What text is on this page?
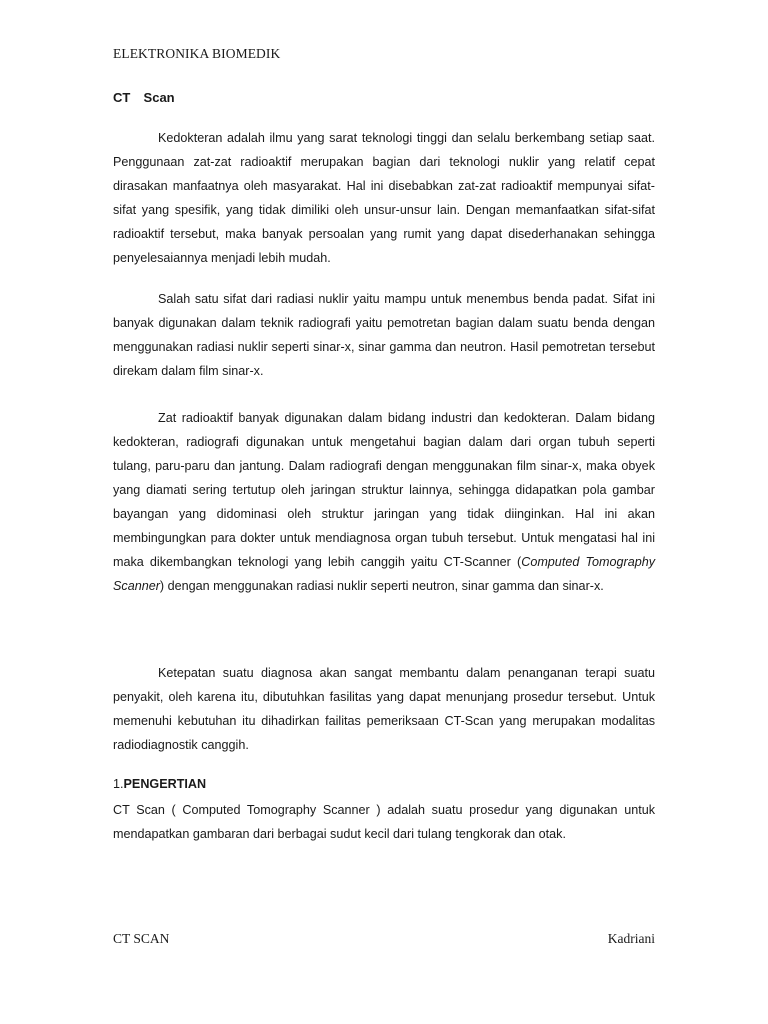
ELEKTRONIKA BIOMEDIK
CT  Scan

Kedokteran adalah ilmu yang sarat teknologi tinggi dan selalu berkembang setiap saat. Penggunaan zat-zat radioaktif merupakan bagian dari teknologi nuklir yang relatif cepat dirasakan manfaatnya oleh masyarakat. Hal ini disebabkan zat-zat radioaktif mempunyai sifat-sifat yang spesifik, yang tidak dimiliki oleh unsur-unsur lain. Dengan memanfaatkan sifat-sifat radioaktif tersebut, maka banyak persoalan yang rumit yang dapat disederhanakan sehingga penyelesaiannya menjadi lebih mudah.

Salah satu sifat dari radiasi nuklir yaitu mampu untuk menembus benda padat. Sifat ini banyak digunakan dalam teknik radiografi yaitu pemotretan bagian dalam suatu benda dengan menggunakan radiasi nuklir seperti sinar-x, sinar gamma dan neutron. Hasil pemotretan tersebut direkam dalam film sinar-x.

Zat radioaktif banyak digunakan dalam bidang industri dan kedokteran. Dalam bidang kedokteran, radiografi digunakan untuk mengetahui bagian dalam dari organ tubuh seperti tulang, paru-paru dan jantung. Dalam radiografi dengan menggunakan film sinar-x, maka obyek yang diamati sering tertutup oleh jaringan struktur lainnya, sehingga didapatkan pola gambar bayangan yang didominasi oleh struktur jaringan yang tidak diinginkan. Hal ini akan membingungkan para dokter untuk mendiagnosa organ tubuh tersebut. Untuk mengatasi hal ini maka dikembangkan teknologi yang lebih canggih yaitu CT-Scanner (Computed Tomography Scanner) dengan menggunakan radiasi nuklir seperti neutron, sinar gamma dan sinar-x.

Ketepatan suatu diagnosa akan sangat membantu dalam penanganan terapi suatu penyakit, oleh karena itu, dibutuhkan fasilitas yang dapat menunjang prosedur tersebut. Untuk memenuhi kebutuhan itu dihadirkan failitas pemeriksaan CT-Scan yang merupakan modalitas radiodiagnostik canggih.

1.PENGERTIAN

CT Scan ( Computed Tomography Scanner ) adalah suatu prosedur yang digunakan untuk mendapatkan gambaran dari berbagai sudut kecil dari tulang tengkorak dan otak.

CT SCAN	Kadriani
